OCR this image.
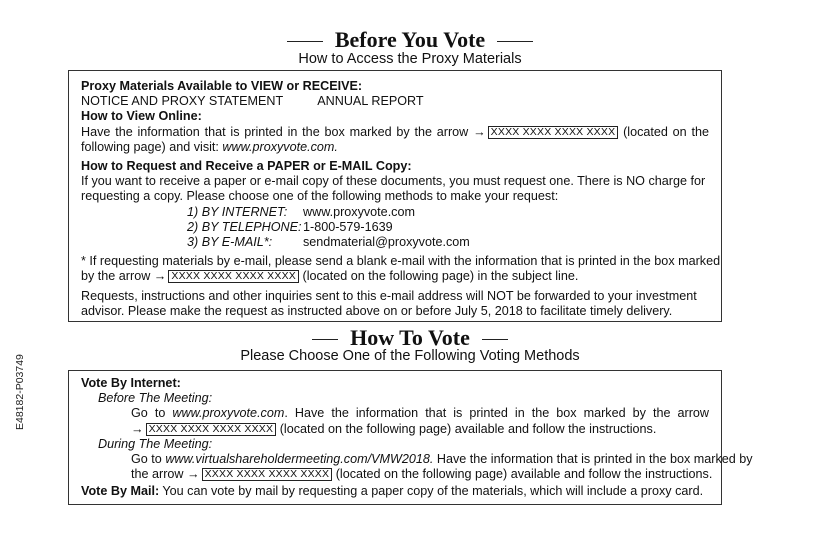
Before You Vote
How to Access the Proxy Materials
Proxy Materials Available to VIEW or RECEIVE:
NOTICE AND PROXY STATEMENT	ANNUAL REPORT
How to View Online:
Have the information that is printed in the box marked by the arrow → XXXX XXXX XXXX XXXX (located on the
following page) and visit: www.proxyvote.com.
How to Request and Receive a PAPER or E-MAIL Copy:
If you want to receive a paper or e-mail copy of these documents, you must request one. There is NO charge for
requesting a copy. Please choose one of the following methods to make your request:
1) BY INTERNET:	www.proxyvote.com
2) BY TELEPHONE: 1-800-579-1639
3) BY E-MAIL*:	sendmaterial@proxyvote.com
* If requesting materials by e-mail, please send a blank e-mail with the information that is printed in the box marked
by the arrow → XXXX XXXX XXXX XXXX (located on the following page) in the subject line.
Requests, instructions and other inquiries sent to this e-mail address will NOT be forwarded to your investment
advisor. Please make the request as instructed above on or before July 5, 2018 to facilitate timely delivery.
How To Vote
Please Choose One of the Following Voting Methods
Vote By Internet:
Before The Meeting:
Go to www.proxyvote.com. Have the information that is printed in the box marked by the arrow
→ XXXX XXXX XXXX XXXX (located on the following page) available and follow the instructions.
During The Meeting:
Go to www.virtualshareholdermeeting.com/VMW2018. Have the information that is printed in the box marked by
the arrow → XXXX XXXX XXXX XXXX (located on the following page) available and follow the instructions.
Vote By Mail: You can vote by mail by requesting a paper copy of the materials, which will include a proxy card.
E48182-P03749
